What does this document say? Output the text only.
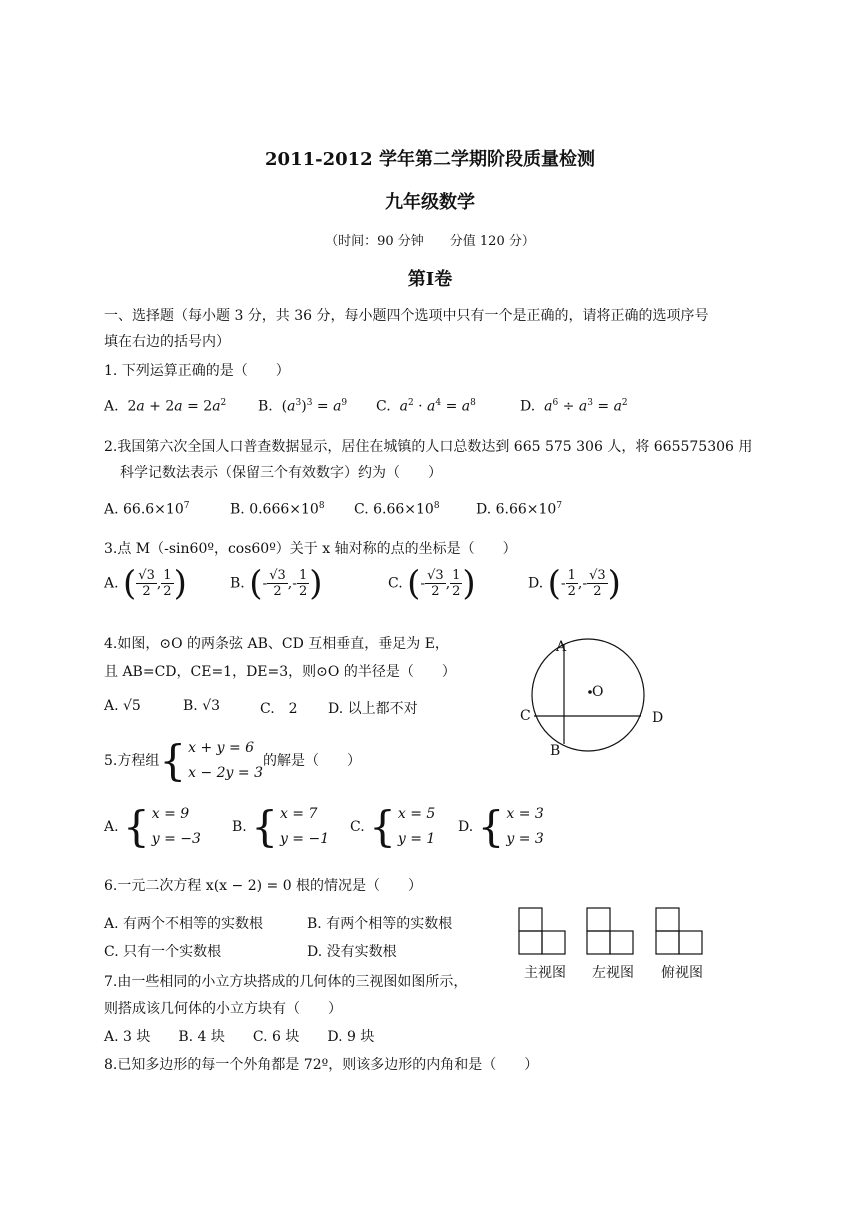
2011-2012 学年第二学期阶段质量检测
九年级数学
（时间：90 分钟　　分值 120 分）
第Ⅰ卷
一、选择题（每小题 3 分，共 36 分，每小题四个选项中只有一个是正确的，请将正确的选项序号
填在右边的括号内）
1. 下列运算正确的是（　　）
A.  $2a + 2a = 2a^2$ B.  $(a^3)^3 = a^9$ C. $a^2 \cdot a^4 = a^8$	D. $a^6 \div a^3 = a^2$
2.我国第六次全国人口普查数据显示，居住在城镇的人口总数达到 665 575 306 人，将 665575306 用
科学记数法表示（保留三个有效数字）约为（　　）
A. $66.6\times 10^7$	B. $0.666\times 10^8$ C. $6.66\times 10^8$	D. $6.66\times 10^7$
3.点 M（-sin60º，cos60º）关于 x 轴对称的点的坐标是（　　）
A. ( $\frac{√3}{2}$ , $\frac{1}{2}$ )	B. (- $\frac{√3}{2}$ ,- $\frac{1}{2}$ )	C. (- $\frac{√3}{2}$ , $\frac{1}{2}$ )	D. (- $\frac{1}{2}$ ,- $\frac{√3}{2}$ )
4.如图，⊙O 的两条弦 AB、CD 互相垂直，垂足为 E，
且 AB=CD，CE=1，DE=3，则⊙O 的半径是（　　）
A. √5	B. √3	C.　2 D. 以上都不对
A
O
C	D
B
5.方程组 { x + y = 6
x − 2y = 3
的解是（　　）
A. { x = 9
y = −3
B. { x = 7
y = −1
C. { x = 5
y = 1
D. { x = 3
y = 3
6.一元二次方程 x(x − 2) = 0 根的情况是（　　）
A. 有两个不相等的实数根	B. 有两个相等的实数根
C. 只有一个实数根	D. 没有实数根
主视图 左视图 俯视图
7.由一些相同的小立方块搭成的几何体的三视图如图所示，
则搭成该几何体的小立方块有（　　）
A. 3 块　　B. 4 块　　C. 6 块　　D. 9 块
8.已知多边形的每一个外角都是 72º，则该多边形的内角和是（　　）
